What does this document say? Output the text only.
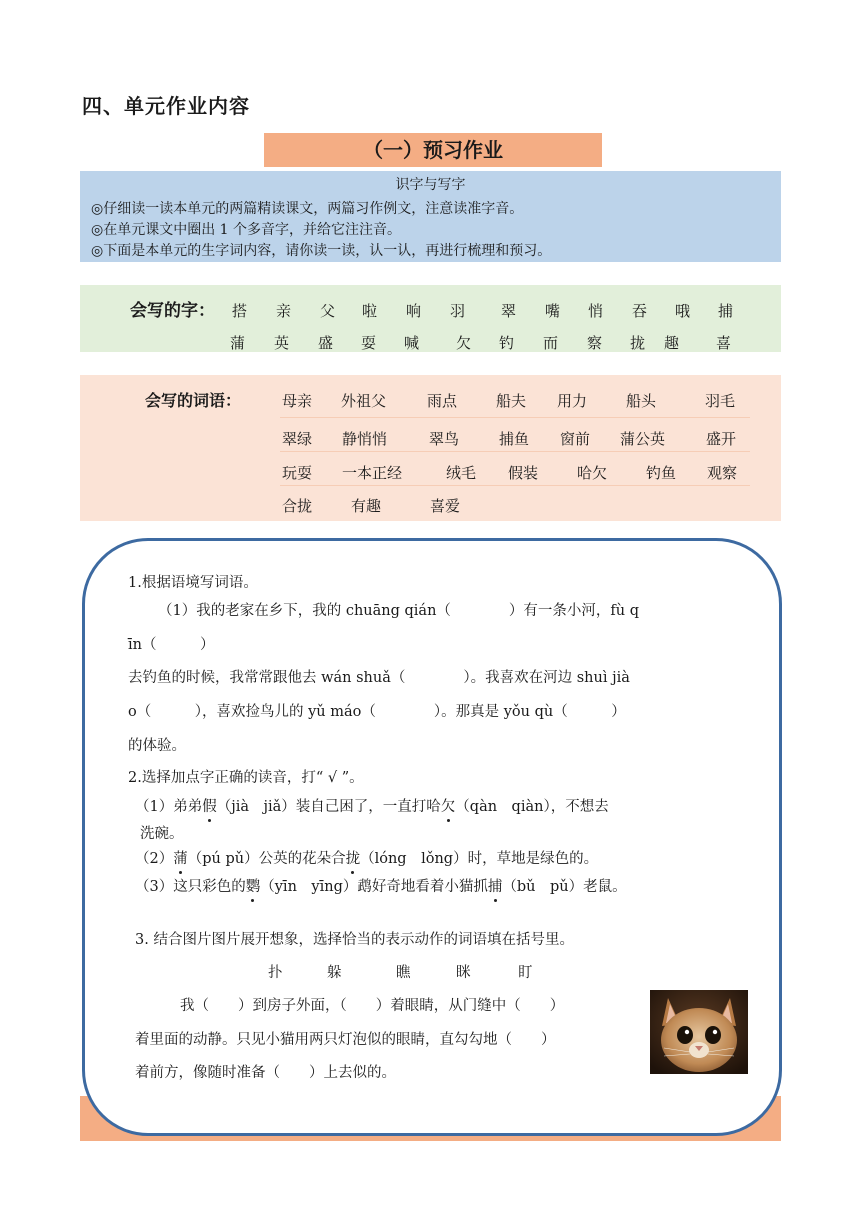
四、单元作业内容
（一）预习作业
识字与写字
◎仔细读一读本单元的两篇精读课文，两篇习作例文，注意读准字音。
◎在单元课文中圈出 1 个多音字，并给它注注音。
◎下面是本单元的生字词内容，请你读一读，认一认，再进行梳理和预习。
会写的字： 搭 亲 父 啦 响 羽 翠 嘴 悄 吞 哦 捕
蒲 英 盛 耍 喊 欠 钓 而 察 拢 趣 喜
会写的词语：	母亲 外祖父	雨点	船夫 用力	船头	羽毛
翠绿 静悄悄	翠鸟	捕鱼 窗前 蒲公英	盛开
玩耍 一本正经	绒毛 假装	哈欠	钓鱼 观察
合拢	有趣	喜爱
1.根据语境写词语。
（1）我的老家在乡下，我的 chuāng qián（　　　　）有一条小河，fù q
īn（　　　）
去钓鱼的时候，我常常跟他去 wán shuǎ（　　　　）。我喜欢在河边 shuì jià
o（　　　），喜欢捡鸟儿的 yǔ máo（　　　　）。那真是 yǒu qù（　　　）
的体验。
2.选择加点字正确的读音，打“ √ ”。
（1）弟弟假（jià　jiǎ）装自己困了，一直打哈欠（qàn　qiàn），不想去
洗碗。
（2）蒲（pú pǔ）公英的花朵合拢（lóng　lǒng）时，草地是绿色的。
（3）这只彩色的鹦（yīn　yīng）鹉好奇地看着小猫抓捕（bǔ　pǔ）老鼠。
3. 结合图片图片展开想象，选择恰当的表示动作的词语填在括号里。
扑	躲	瞧	眯	盯
我（　　）到房子外面，（　　）着眼睛，从门缝中（　　）
着里面的动静。只见小猫用两只灯泡似的眼睛，直勾勾地（　　）
着前方，像随时准备（　　）上去似的。
